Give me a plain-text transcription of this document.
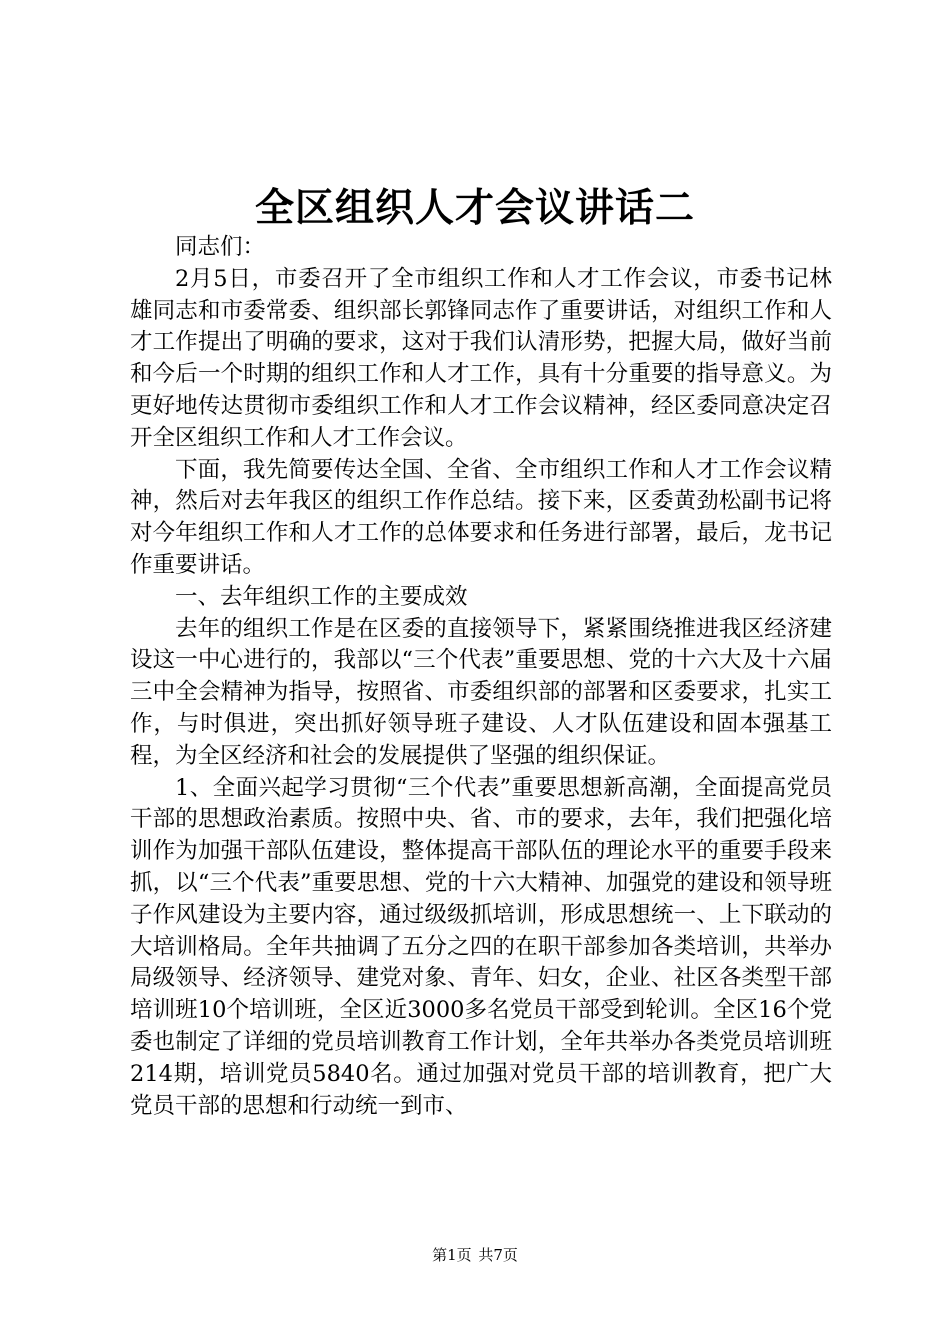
全区组织人才会议讲话二

同志们：

2月5日，市委召开了全市组织工作和人才工作会议，市委书记林雄同志和市委常委、组织部长郭锋同志作了重要讲话，对组织工作和人才工作提出了明确的要求，这对于我们认清形势，把握大局，做好当前和今后一个时期的组织工作和人才工作，具有十分重要的指导意义。为更好地传达贯彻市委组织工作和人才工作会议精神，经区委同意决定召开全区组织工作和人才工作会议。

下面，我先简要传达全国、全省、全市组织工作和人才工作会议精神，然后对去年我区的组织工作作总结。接下来，区委黄劲松副书记将对今年组织工作和人才工作的总体要求和任务进行部署，最后，龙书记作重要讲话。

一、去年组织工作的主要成效

去年的组织工作是在区委的直接领导下，紧紧围绕推进我区经济建设这一中心进行的，我部以“三个代表”重要思想、党的十六大及十六届三中全会精神为指导，按照省、市委组织部的部署和区委要求，扎实工作，与时俱进，突出抓好领导班子建设、人才队伍建设和固本强基工程，为全区经济和社会的发展提供了坚强的组织保证。

1、全面兴起学习贯彻“三个代表”重要思想新高潮，全面提高党员干部的思想政治素质。按照中央、省、市的要求，去年，我们把强化培训作为加强干部队伍建设，整体提高干部队伍的理论水平的重要手段来抓，以“三个代表”重要思想、党的十六大精神、加强党的建设和领导班子作风建设为主要内容，通过级级抓培训，形成思想统一、上下联动的大培训格局。全年共抽调了五分之四的在职干部参加各类培训，共举办局级领导、经济领导、建党对象、青年、妇女，企业、社区各类型干部培训班10个培训班，全区近3000多名党员干部受到轮训。全区16个党委也制定了详细的党员培训教育工作计划，全年共举办各类党员培训班214期，培训党员5840名。通过加强对党员干部的培训教育，把广大党员干部的思想和行动统一到市、

第1页 共7页
